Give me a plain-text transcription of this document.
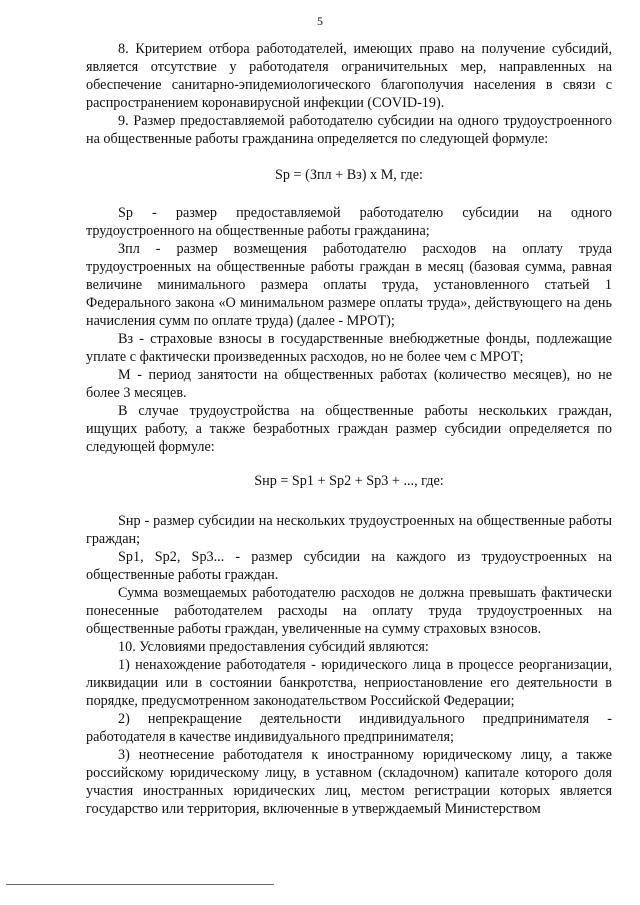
5

8. Критерием отбора работодателей, имеющих право на получение субсидий, является отсутствие у работодателя ограничительных мер, направленных на обеспечение санитарно-эпидемиологического благополучия населения в связи с распространением коронавирусной инфекции (COVID-19).

9. Размер предоставляемой работодателю субсидии на одного трудоустроенного на общественные работы гражданина определяется по следующей формуле:

Sр = (Зпл + Вз) х М, где:

Sр - размер предоставляемой работодателю субсидии на одного трудоустроенного на общественные работы гражданина;

Зпл - размер возмещения работодателю расходов на оплату труда трудоустроенных на общественные работы граждан в месяц (базовая сумма, равная величине минимального размера оплаты труда, установленного статьей 1 Федерального закона «О минимальном размере оплаты труда», действующего на день начисления сумм по оплате труда) (далее - МРОТ);

Вз - страховые взносы в государственные внебюджетные фонды, подлежащие уплате с фактически произведенных расходов, но не более чем с МРОТ;

М - период занятости на общественных работах (количество месяцев), но не более 3 месяцев.

В случае трудоустройства на общественные работы нескольких граждан, ищущих работу, а также безработных граждан размер субсидии определяется по следующей формуле:

Sнр = Sр1 + Sр2 + Sр3 + ..., где:

Sнр - размер субсидии на нескольких трудоустроенных на общественные работы граждан;

Sр1, Sр2, Sр3... - размер субсидии на каждого из трудоустроенных на общественные работы граждан.

Сумма возмещаемых работодателю расходов не должна превышать фактически понесенные работодателем расходы на оплату труда трудоустроенных на общественные работы граждан, увеличенные на сумму страховых взносов.

10. Условиями предоставления субсидий являются:

1) ненахождение работодателя - юридического лица в процессе реорганизации, ликвидации или в состоянии банкротства, неприостановление его деятельности в порядке, предусмотренном законодательством Российской Федерации;

2) непрекращение деятельности индивидуального предпринимателя - работодателя в качестве индивидуального предпринимателя;

3) неотнесение работодателя к иностранному юридическому лицу, а также российскому юридическому лицу, в уставном (складочном) капитале которого доля участия иностранных юридических лиц, местом регистрации которых является государство или территория, включенные в утверждаемый Министерством
